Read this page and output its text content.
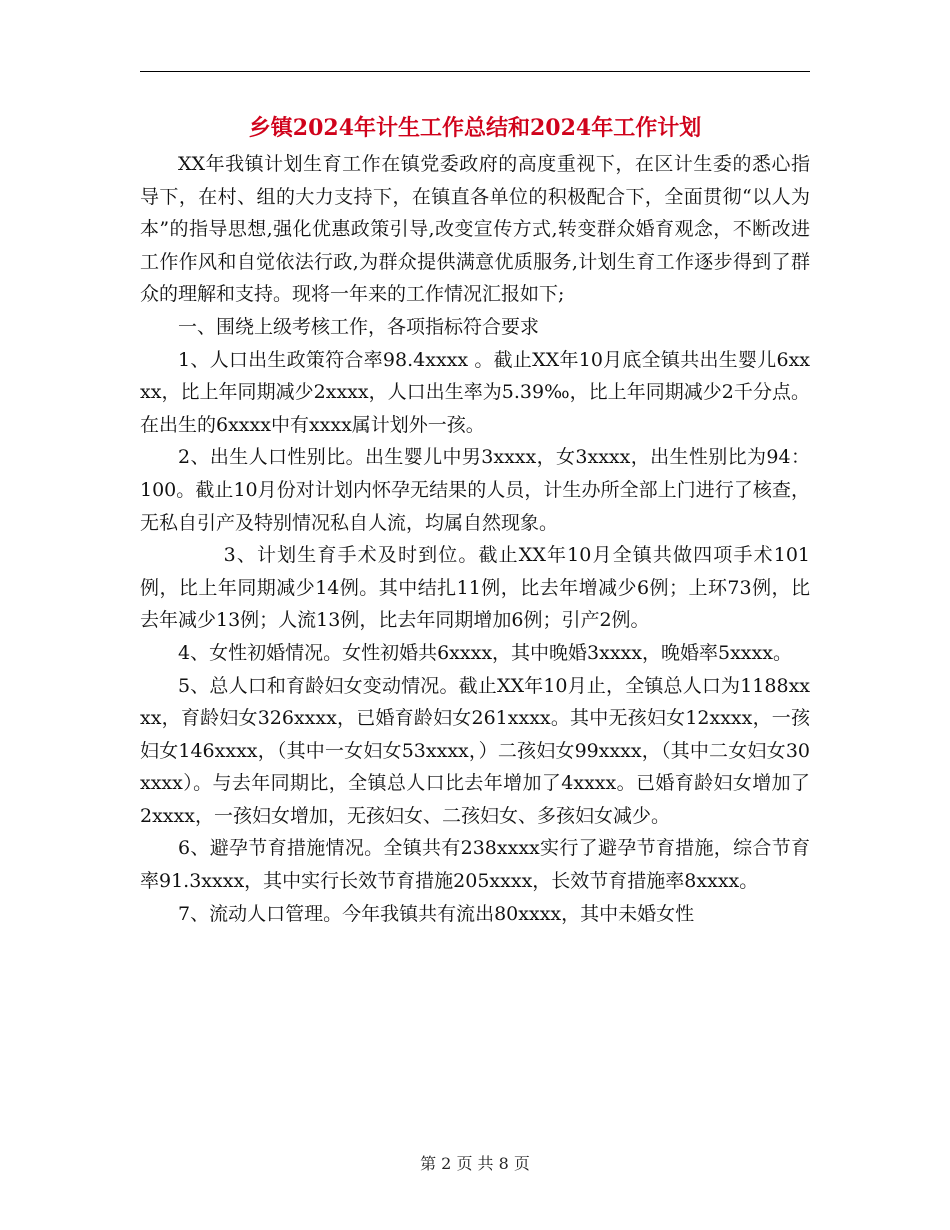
乡镇2024年计生工作总结和2024年工作计划

XX年我镇计划生育工作在镇党委政府的高度重视下，在区计生委的悉心指导下，在村、组的大力支持下，在镇直各单位的积极配合下，全面贯彻“以人为本”的指导思想,强化优惠政策引导,改变宣传方式,转变群众婚育观念，不断改进工作作风和自觉依法行政,为群众提供满意优质服务,计划生育工作逐步得到了群众的理解和支持。现将一年来的工作情况汇报如下;

一、围绕上级考核工作，各项指标符合要求

1、人口出生政策符合率98.4xxxx 。截止XX年10月底全镇共出生婴儿6xxxx，比上年同期减少2xxxx，人口出生率为5.39‰，比上年同期减少2千分点。在出生的6xxxx中有xxxx属计划外一孩。

2、出生人口性别比。出生婴儿中男3xxxx，女3xxxx，出生性别比为94：100。截止10月份对计划内怀孕无结果的人员，计生办所全部上门进行了核查，无私自引产及特别情况私自人流，均属自然现象。

3、计划生育手术及时到位。截止XX年10月全镇共做四项手术101例，比上年同期减少14例。其中结扎11例，比去年增减少6例；上环73例，比去年减少13例；人流13例，比去年同期增加6例；引产2例。

4、女性初婚情况。女性初婚共6xxxx，其中晚婚3xxxx，晚婚率5xxxx。

5、总人口和育龄妇女变动情况。截止XX年10月止，全镇总人口为1188xxxx，育龄妇女326xxxx，已婚育龄妇女261xxxx。其中无孩妇女12xxxx，一孩妇女146xxxx，（其中一女妇女53xxxx，）二孩妇女99xxxx，（其中二女妇女30xxxx）。与去年同期比，全镇总人口比去年增加了4xxxx。已婚育龄妇女增加了2xxxx，一孩妇女增加，无孩妇女、二孩妇女、多孩妇女减少。

6、避孕节育措施情况。全镇共有238xxxx实行了避孕节育措施，综合节育率91.3xxxx，其中实行长效节育措施205xxxx，长效节育措施率8xxxx。

7、流动人口管理。今年我镇共有流出80xxxx，其中未婚女性

第 2 页 共 8 页
